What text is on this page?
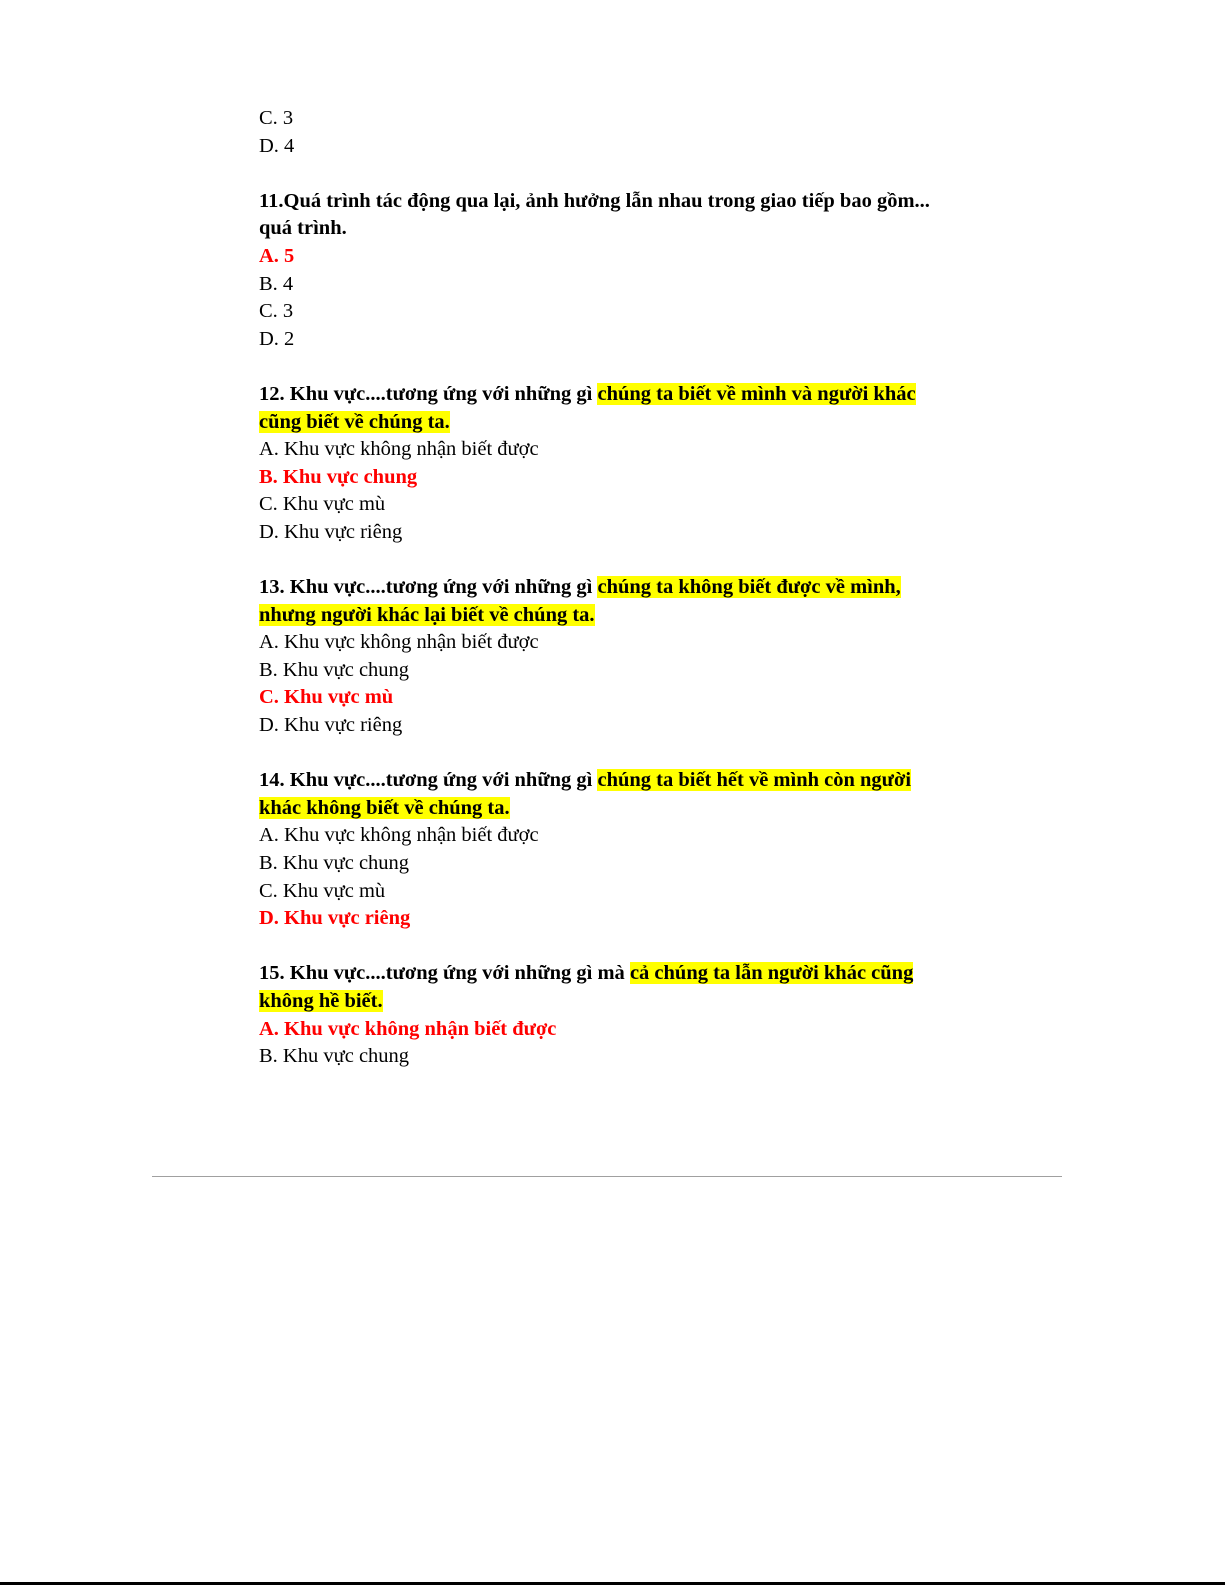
C. 3
D. 4
11.Quá trình tác động qua lại, ảnh hưởng lẫn nhau trong giao tiếp bao gồm...
quá trình.
A. 5
B. 4
C. 3
D. 2
12. Khu vực....tương ứng với những gì chúng ta biết về mình và người khác
cũng biết về chúng ta.
A. Khu vực không nhận biết được
B. Khu vực chung
C. Khu vực mù
D. Khu vực riêng
13. Khu vực....tương ứng với những gì chúng ta không biết được về mình,
nhưng người khác lại biết về chúng ta.
A. Khu vực không nhận biết được
B. Khu vực chung
C. Khu vực mù
D. Khu vực riêng
14. Khu vực....tương ứng với những gì chúng ta biết hết về mình còn người
khác không biết về chúng ta.
A. Khu vực không nhận biết được
B. Khu vực chung
C. Khu vực mù
D. Khu vực riêng
15. Khu vực....tương ứng với những gì mà cả chúng ta lẫn người khác cũng
không hề biết.
A. Khu vực không nhận biết được
B. Khu vực chung
